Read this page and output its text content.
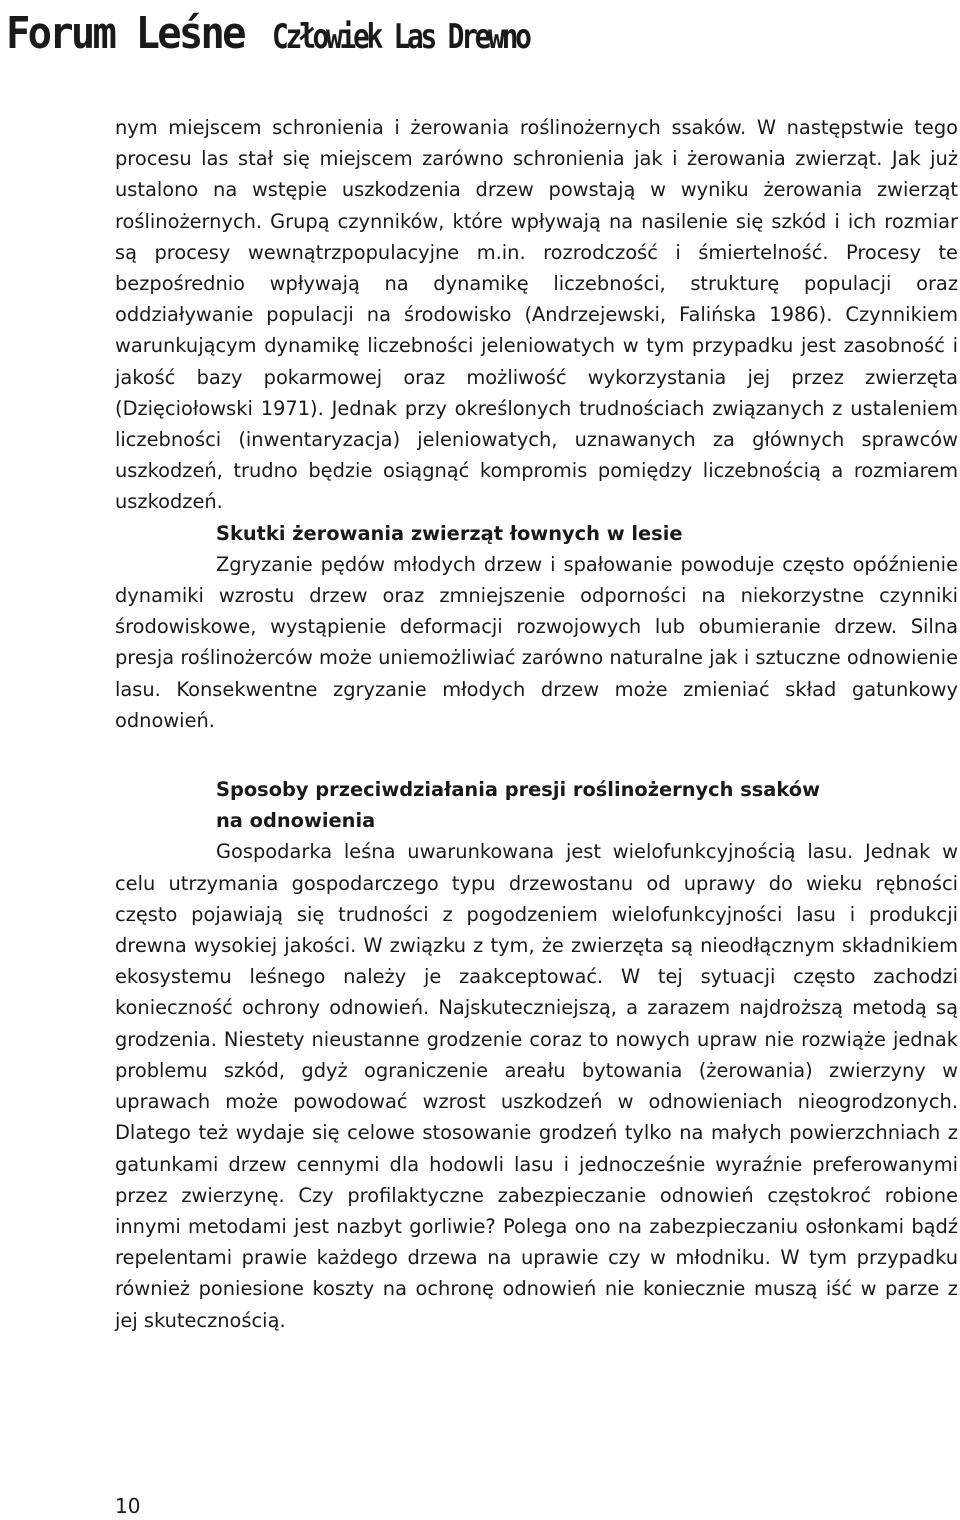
Forum Leśne Człowiek Las Drewno

nym miejscem schronienia i żerowania roślinożernych ssaków. W następstwie tego procesu las stał się miejscem zarówno schronienia jak i żerowania zwierząt. Jak już ustalono na wstępie uszkodzenia drzew powstają w wyniku żerowania zwierząt roślinożernych. Grupą czynników, które wpływają na nasilenie się szkód i ich rozmiar są procesy wewnątrzpopulacyjne m.in. rozrodczość i śmiertelność. Procesy te bezpośrednio wpływają na dynamikę liczebności, strukturę populacji oraz oddziaływanie populacji na środowisko (Andrzejewski, Falińska 1986). Czynnikiem warunkującym dynamikę liczebności jeleniowatych w tym przypadku jest zasobność i jakość bazy pokarmowej oraz możliwość wykorzystania jej przez zwierzęta (Dzięciołowski 1971). Jednak przy określonych trudnościach związanych z ustaleniem liczebności (inwentaryzacja) jeleniowatych, uznawanych za głównych sprawców uszkodzeń, trudno będzie osiągnąć kompromis pomiędzy liczebnością a rozmiarem uszkodzeń.

Skutki żerowania zwierząt łownych w lesie

Zgryzanie pędów młodych drzew i spałowanie powoduje często opóźnienie dynamiki wzrostu drzew oraz zmniejszenie odporności na niekorzystne czynniki środowiskowe, wystąpienie deformacji rozwojowych lub obumieranie drzew. Silna presja roślinożerców może uniemożliwiać zarówno naturalne jak i sztuczne odnowienie lasu. Konsekwentne zgryzanie młodych drzew może zmieniać skład gatunkowy odnowień.

Sposoby przeciwdziałania presji roślinożernych ssaków
na odnowienia

Gospodarka leśna uwarunkowana jest wielofunkcyjnością lasu. Jednak w celu utrzymania gospodarczego typu drzewostanu od uprawy do wieku rębności często pojawiają się trudności z pogodzeniem wielofunkcyjności lasu i produkcji drewna wysokiej jakości. W związku z tym, że zwierzęta są nieodłącznym składnikiem ekosystemu leśnego należy je zaakceptować. W tej sytuacji często zachodzi konieczność ochrony odnowień. Najskuteczniejszą, a zarazem najdroższą metodą są grodzenia. Niestety nieustanne grodzenie coraz to nowych upraw nie rozwiąże jednak problemu szkód, gdyż ograniczenie areału bytowania (żerowania) zwierzyny w uprawach może powodować wzrost uszkodzeń w odnowieniach nieogrodzonych. Dlatego też wydaje się celowe stosowanie grodzeń tylko na małych powierzchniach z gatunkami drzew cennymi dla hodowli lasu i jednocześnie wyraźnie preferowanymi przez zwierzynę. Czy profilaktyczne zabezpieczanie odnowień częstokroć robione innymi metodami jest nazbyt gorliwie? Polega ono na zabezpieczaniu osłonkami bądź repelentami prawie każdego drzewa na uprawie czy w młodniku. W tym przypadku również poniesione koszty na ochronę odnowień nie koniecznie muszą iść w parze z jej skutecznością.

10
